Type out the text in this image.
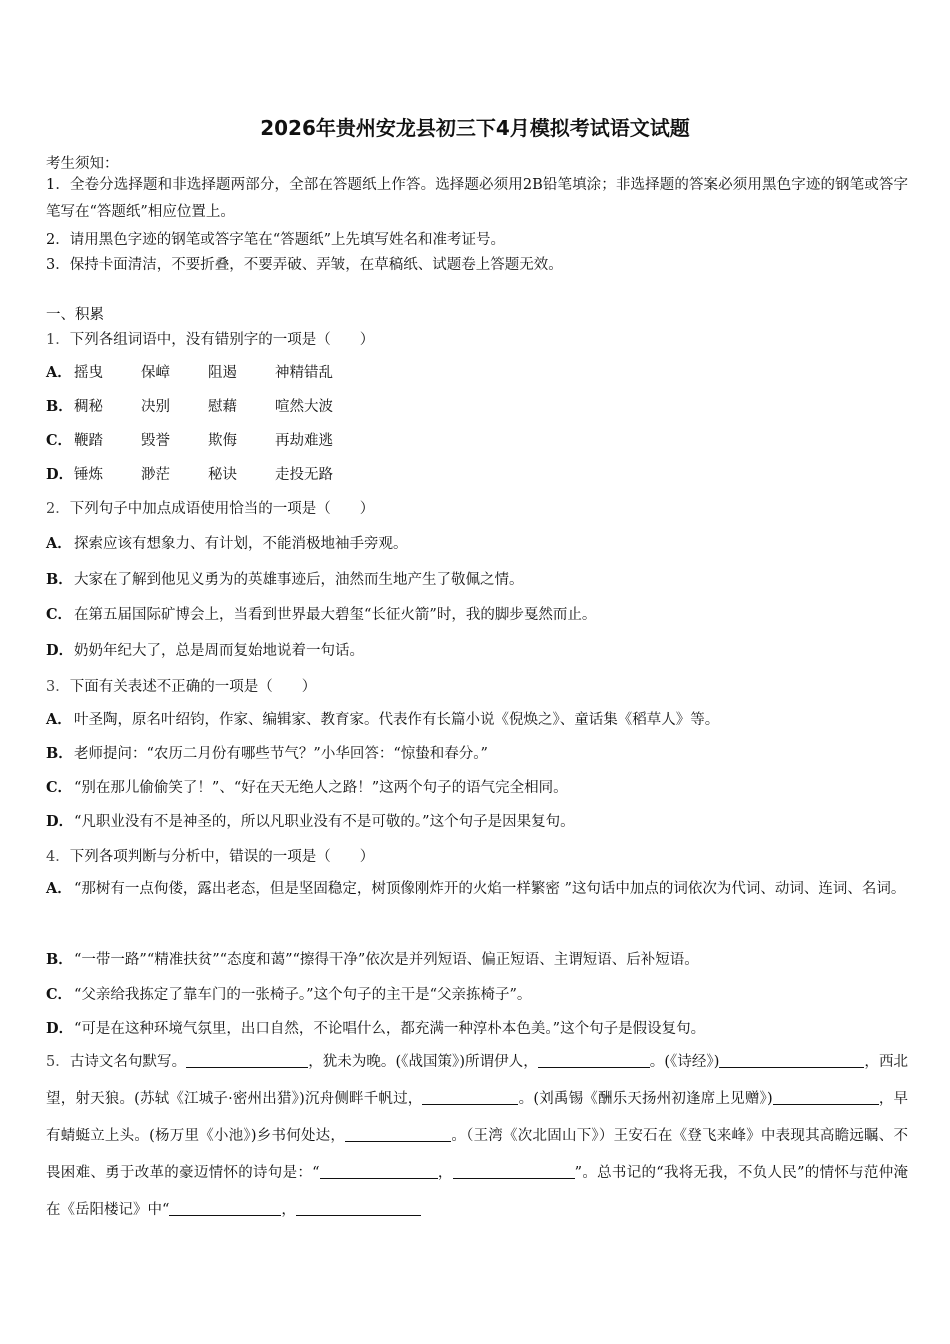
2026年贵州安龙县初三下4月模拟考试语文试题
考生须知：
1．全卷分选择题和非选择题两部分，全部在答题纸上作答。选择题必须用2B铅笔填涂；非选择题的答案必须用黑色字迹的钢笔或答字笔写在“答题纸”相应位置上。
2．请用黑色字迹的钢笔或答字笔在“答题纸”上先填写姓名和准考证号。
3．保持卡面清洁，不要折叠，不要弄破、弄皱，在草稿纸、试题卷上答题无效。
一、积累
1．下列各组词语中，没有错别字的一项是（　　）
A． 摇曳	保嶂	阻遏	神精错乱
B．稠秘	决别	慰藉	喧然大波
C． 鞭踏	毁誉	欺侮	再劫难逃
D．锤炼	渺茫	秘诀	走投无路
2．下列句子中加点成语使用恰当的一项是（　　）
A． 探索应该有想象力、有计划，不能消极地袖手旁观。
B．大家在了解到他见义勇为的英雄事迹后，油然而生地产生了敬佩之情。
C． 在第五届国际矿博会上，当看到世界最大碧玺“长征火箭”时，我的脚步戛然而止。
D．奶奶年纪大了，总是周而复始地说着一句话。
3．下面有关表述不正确的一项是（　　）
A． 叶圣陶，原名叶绍钧，作家、编辑家、教育家。代表作有长篇小说《倪焕之》、童话集《稻草人》等。
B．老师提问：“农历二月份有哪些节气？”小华回答：“惊蛰和春分。”
C． “别在那儿偷偷笑了！”、“好在天无绝人之路！”这两个句子的语气完全相同。
D．“凡职业没有不是神圣的，所以凡职业没有不是可敬的。”这个句子是因果复句。
4．下列各项判断与分析中，错误的一项是（　　）
A． “那树有一点佝偻，露出老态，但是坚固稳定，树顶像刚炸开的火焰一样繁密 ”这句话中加点的词依次为代词、动词、连词、名词。
B．“一带一路”“精准扶贫”“态度和蔼”“擦得干净”依次是并列短语、偏正短语、主谓短语、后补短语。
C． “父亲给我拣定了靠车门的一张椅子。”这个句子的主干是“父亲拣椅子”。
D．“可是在这种环境气氛里，出口自然，不论唱什么，都充满一种淳朴本色美。”这个句子是假设复句。
5．古诗文名句默写。	，犹未为晚。(《战国策》)所谓伊人，	。(《诗经》)	，西北望，射天狼。(苏轼《江城子·密州出猎》)沉舟侧畔千帆过，	。(刘禹锡《酬乐天扬州初逢席上见赠》)	，早有蜻蜓立上头。(杨万里《小池》)乡书何处达，	。（王湾《次北固山下》）王安石在《登飞来峰》中表现其高瞻远瞩、不畏困难、勇于改革的豪迈情怀的诗句是：“	，	”。总书记的“我将无我，不负人民”的情怀与范仲淹在《岳阳楼记》中“	，
